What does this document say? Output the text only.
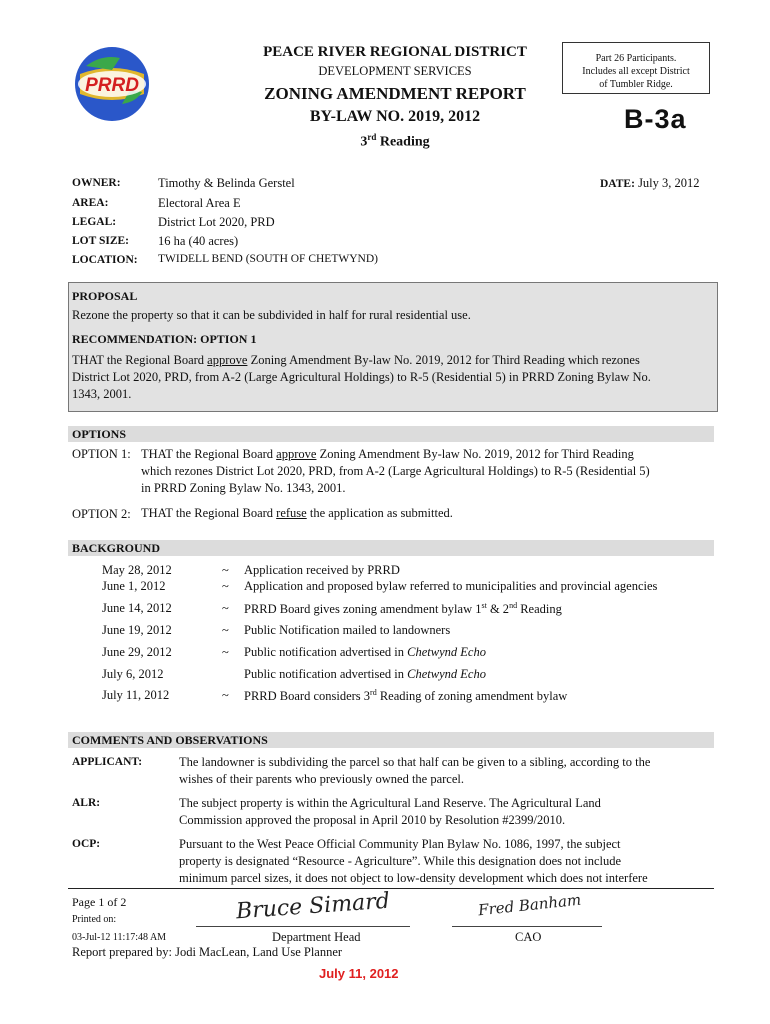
PRRD
PEACE RIVER REGIONAL DISTRICT
DEVELOPMENT SERVICES
ZONING AMENDMENT REPORT
BY-LAW NO. 2019, 2012
3rd Reading
Part 26 Participants.
Includes all except District
of Tumbler Ridge.
B-3a
OWNER:	Timothy & Belinda Gerstel
AREA:	Electoral Area E
LEGAL:	District Lot 2020, PRD
LOT SIZE: 16 ha (40 acres)
LOCATION: TWIDELL BEND (SOUTH OF CHETWYND)
DATE: July 3, 2012
PROPOSAL
Rezone the property so that it can be subdivided in half for rural residential use.
RECOMMENDATION: OPTION 1
THAT the Regional Board approve Zoning Amendment By-law No. 2019, 2012 for Third Reading which rezones
District Lot 2020, PRD, from A-2 (Large Agricultural Holdings) to R-5 (Residential 5) in PRRD Zoning Bylaw No.
1343, 2001.
OPTIONS
OPTION 1: THAT the Regional Board approve Zoning Amendment By-law No. 2019, 2012 for Third Reading
which rezones District Lot 2020, PRD, from A-2 (Large Agricultural Holdings) to R-5 (Residential 5)
in PRRD Zoning Bylaw No. 1343, 2001.
OPTION 2: THAT the Regional Board refuse the application as submitted.
BACKGROUND
May 28, 2012	~ Application received by PRRD
June 1, 2012	~ Application and proposed bylaw referred to municipalities and provincial agencies
June 14, 2012	~ PRRD Board gives zoning amendment bylaw 1st & 2nd Reading
June 19, 2012	~ Public Notification mailed to landowners
June 29, 2012	~ Public notification advertised in Chetwynd Echo
July 6, 2012	Public notification advertised in Chetwynd Echo
July 11, 2012	~ PRRD Board considers 3rd Reading of zoning amendment bylaw
COMMENTS AND OBSERVATIONS
APPLICANT:	The landowner is subdividing the parcel so that half can be given to a sibling, according to the
wishes of their parents who previously owned the parcel.
ALR:	The subject property is within the Agricultural Land Reserve. The Agricultural Land
Commission approved the proposal in April 2010 by Resolution #2399/2010.
OCP:	Pursuant to the West Peace Official Community Plan Bylaw No. 1086, 1997, the subject
property is designated “Resource - Agriculture”. While this designation does not include
minimum parcel sizes, it does not object to low-density development which does not interfere
Page 1 of 2
Printed on:
03-Jul-12 11:17:48 AM
Bruce Simard
Department Head
Fred Banham
CAO
Report prepared by: Jodi MacLean, Land Use Planner
July 11, 2012
